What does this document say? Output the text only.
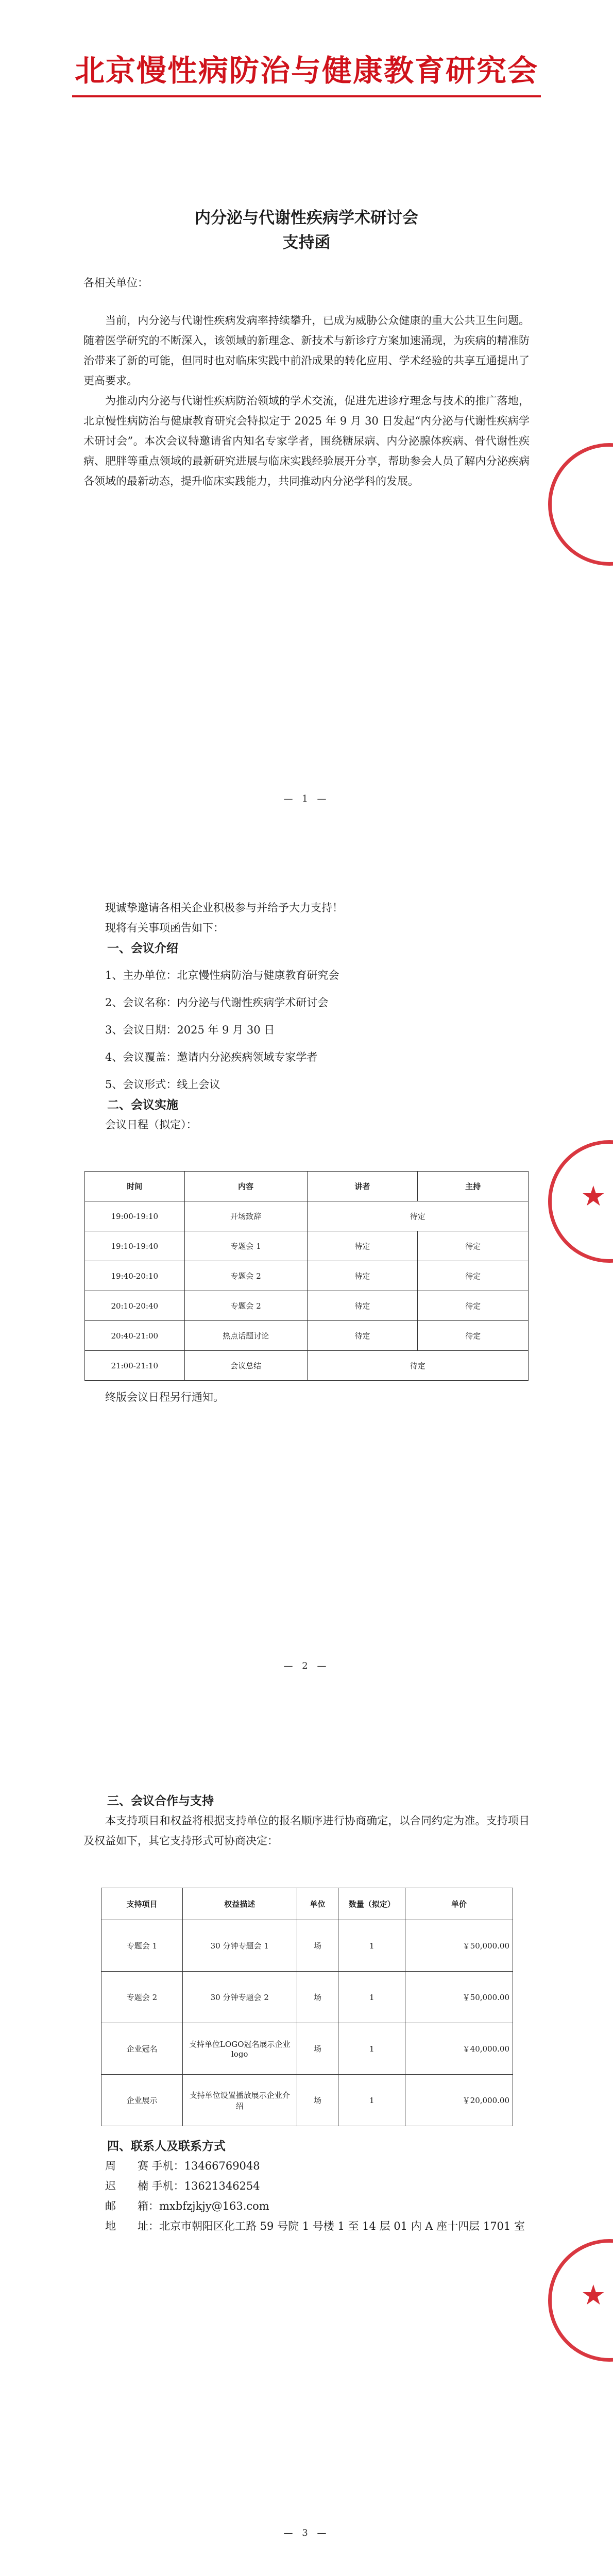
北京慢性病防治与健康教育研究会
内分泌与代谢性疾病学术研讨会
支持函

各相关单位：

当前，内分泌与代谢性疾病发病率持续攀升，已成为威胁公众健康的重大公共卫生问题。随着医学研究的不断深入，该领域的新理念、新技术与新诊疗方案加速涌现，为疾病的精准防治带来了新的可能，但同时也对临床实践中前沿成果的转化应用、学术经验的共享互通提出了更高要求。

为推动内分泌与代谢性疾病防治领域的学术交流，促进先进诊疗理念与技术的推广落地，北京慢性病防治与健康教育研究会特拟定于 2025 年 9 月 30 日发起“内分泌与代谢性疾病学术研讨会”。本次会议特邀请省内知名专家学者，围绕糖尿病、内分泌腺体疾病、骨代谢性疾病、肥胖等重点领域的最新研究进展与临床实践经验展开分享，帮助参会人员了解内分泌疾病各领域的最新动态，提升临床实践能力，共同推动内分泌学科的发展。

— 1 —

现诚挚邀请各相关企业积极参与并给予大力支持！

现将有关事项函告如下：

一、会议介绍

1、主办单位：北京慢性病防治与健康教育研究会

2、会议名称：内分泌与代谢性疾病学术研讨会

3、会议日期：2025 年 9 月 30 日

4、会议覆盖：邀请内分泌疾病领域专家学者

5、会议形式：线上会议

二、会议实施

会议日程（拟定）：

时间	内容	讲者	主持
19:00-19:10	开场致辞	待定	
19:10-19:40	专题会 1	待定	待定
19:40-20:10	专题会 2	待定	待定
20:10-20:40	专题会 2	待定	待定
20:40-21:00	热点话题讨论	待定	待定
21:00-21:10	会议总结	待定	

终版会议日程另行通知。

★
— 2 —

三、会议合作与支持

本支持项目和权益将根据支持单位的报名顺序进行协商确定，以合同约定为准。支持项目及权益如下，其它支持形式可协商决定：

支持项目	权益描述	单位	数量（拟定）	单价
专题会 1	30 分钟专题会 1	场	1	￥50,000.00
专题会 2	30 分钟专题会 2	场	1	￥50,000.00
企业冠名	支持单位LOGO冠名展示企业 logo	场	1	￥40,000.00
企业展示	支持单位设置播放展示企业介绍	场	1	￥20,000.00

四、联系人及联系方式

周　　赛 手机：13466769048

迟　　楠 手机：13621346254

邮　　箱：mxbfzjkjy@163.com

地　　址：北京市朝阳区化工路 59 号院 1 号楼 1 至 14 层 01 内 A 座十四层 1701 室

★
— 3 —
